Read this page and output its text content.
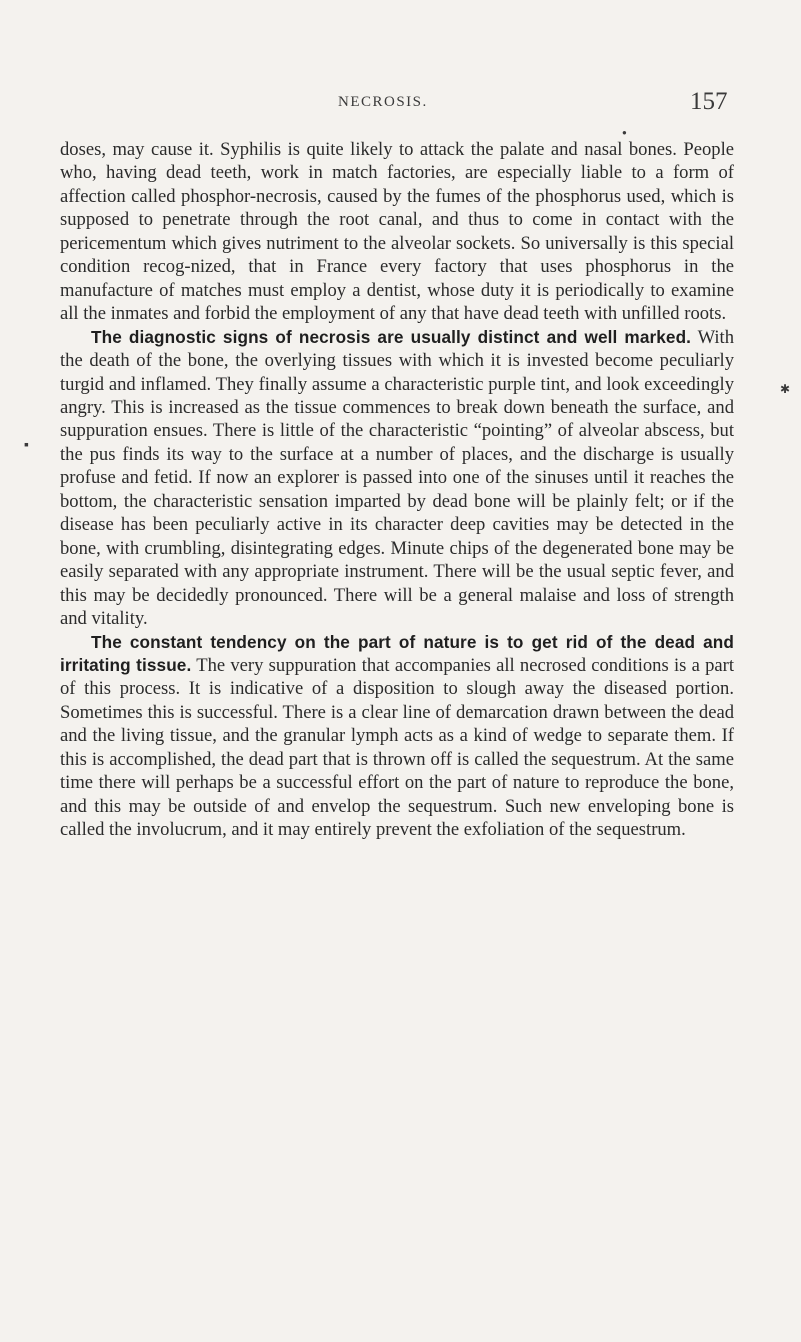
NECROSIS.	157
●
✱
▪

doses, may cause it. Syphilis is quite likely to attack the palate and nasal bones. People who, having dead teeth, work in match factories, are especially liable to a form of affection called phosphor-necrosis, caused by the fumes of the phosphorus used, which is supposed to penetrate through the root canal, and thus to come in contact with the pericementum which gives nutriment to the alveolar sockets. So universally is this special condition recog-nized, that in France every factory that uses phosphorus in the manufacture of matches must employ a dentist, whose duty it is periodically to examine all the inmates and forbid the employment of any that have dead teeth with unfilled roots.

The diagnostic signs of necrosis are usually distinct and well marked. With the death of the bone, the overlying tissues with which it is invested become peculiarly turgid and inflamed. They finally assume a characteristic purple tint, and look exceedingly angry. This is increased as the tissue commences to break down beneath the surface, and suppuration ensues. There is little of the characteristic “pointing” of alveolar abscess, but the pus finds its way to the surface at a number of places, and the discharge is usually profuse and fetid. If now an explorer is passed into one of the sinuses until it reaches the bottom, the characteristic sensation imparted by dead bone will be plainly felt; or if the disease has been peculiarly active in its character deep cavities may be detected in the bone, with crumbling, disintegrating edges. Minute chips of the degenerated bone may be easily separated with any appropriate instrument. There will be the usual septic fever, and this may be decidedly pronounced. There will be a general malaise and loss of strength and vitality.

The constant tendency on the part of nature is to get rid of the dead and irritating tissue. The very suppuration that accompanies all necrosed conditions is a part of this process. It is indicative of a disposition to slough away the diseased portion. Sometimes this is successful. There is a clear line of demarcation drawn between the dead and the living tissue, and the granular lymph acts as a kind of wedge to separate them. If this is accomplished, the dead part that is thrown off is called the sequestrum. At the same time there will perhaps be a successful effort on the part of nature to reproduce the bone, and this may be outside of and envelop the sequestrum. Such new enveloping bone is called the involucrum, and it may entirely prevent the exfoliation of the sequestrum.
